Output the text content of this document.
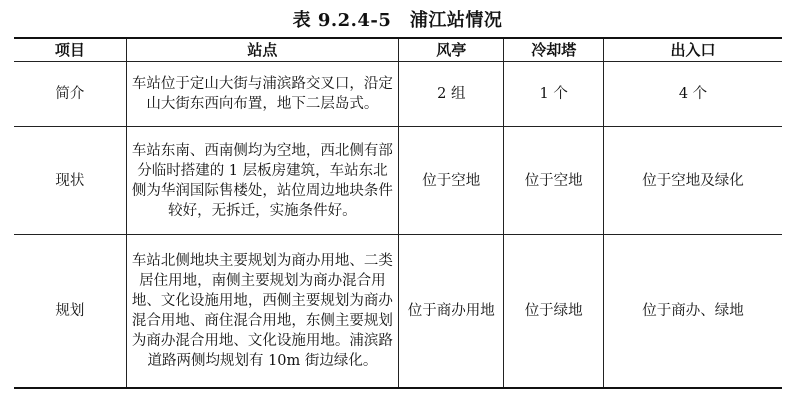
表 9.2.4-5　浦江站情况
项目	站点	风亭	冷却塔	出入口
简介	车站位于定山大街与浦滨路交叉口，沿定山大街东西向布置，地下二层岛式。	2 组	1 个	4 个
现状	车站东南、西南侧均为空地，西北侧有部分临时搭建的 1 层板房建筑，车站东北侧为华润国际售楼处，站位周边地块条件较好，无拆迁，实施条件好。	位于空地	位于空地	位于空地及绿化
规划	车站北侧地块主要规划为商办用地、二类居住用地，南侧主要规划为商办混合用地、文化设施用地，西侧主要规划为商办混合用地、商住混合用地，东侧主要规划为商办混合用地、文化设施用地。浦滨路道路两侧均规划有 10m 街边绿化。	位于商办用地	位于绿地	位于商办、绿地
